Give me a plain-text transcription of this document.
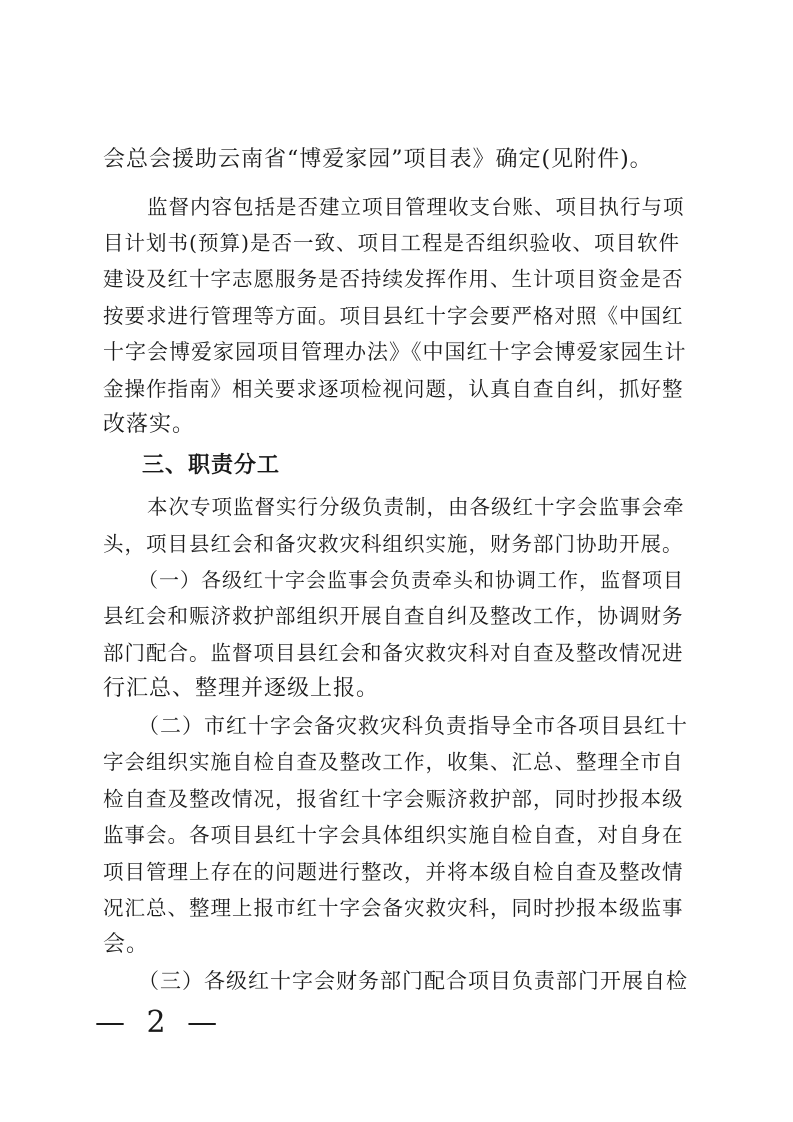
会总会援助云南省“博爱家园”项目表》确定(见附件)。
监督内容包括是否建立项目管理收支台账、项目执行与项
目计划书(预算)是否一致、项目工程是否组织验收、项目软件
建设及红十字志愿服务是否持续发挥作用、生计项目资金是否
按要求进行管理等方面。项目县红十字会要严格对照《中国红
十字会博爱家园项目管理办法》《中国红十字会博爱家园生计
金操作指南》相关要求逐项检视问题，认真自查自纠，抓好整
改落实。
三、职责分工
本次专项监督实行分级负责制，由各级红十字会监事会牵
头，项目县红会和备灾救灾科组织实施，财务部门协助开展。
（一）各级红十字会监事会负责牵头和协调工作，监督项目
县红会和赈济救护部组织开展自查自纠及整改工作，协调财务
部门配合。监督项目县红会和备灾救灾科对自查及整改情况进
行汇总、整理并逐级上报。
（二）市红十字会备灾救灾科负责指导全市各项目县红十
字会组织实施自检自查及整改工作，收集、汇总、整理全市自
检自查及整改情况，报省红十字会赈济救护部，同时抄报本级
监事会。各项目县红十字会具体组织实施自检自查，对自身在
项目管理上存在的问题进行整改，并将本级自检自查及整改情
况汇总、整理上报市红十字会备灾救灾科，同时抄报本级监事
会。
（三）各级红十字会财务部门配合项目负责部门开展自检
— 2 —
